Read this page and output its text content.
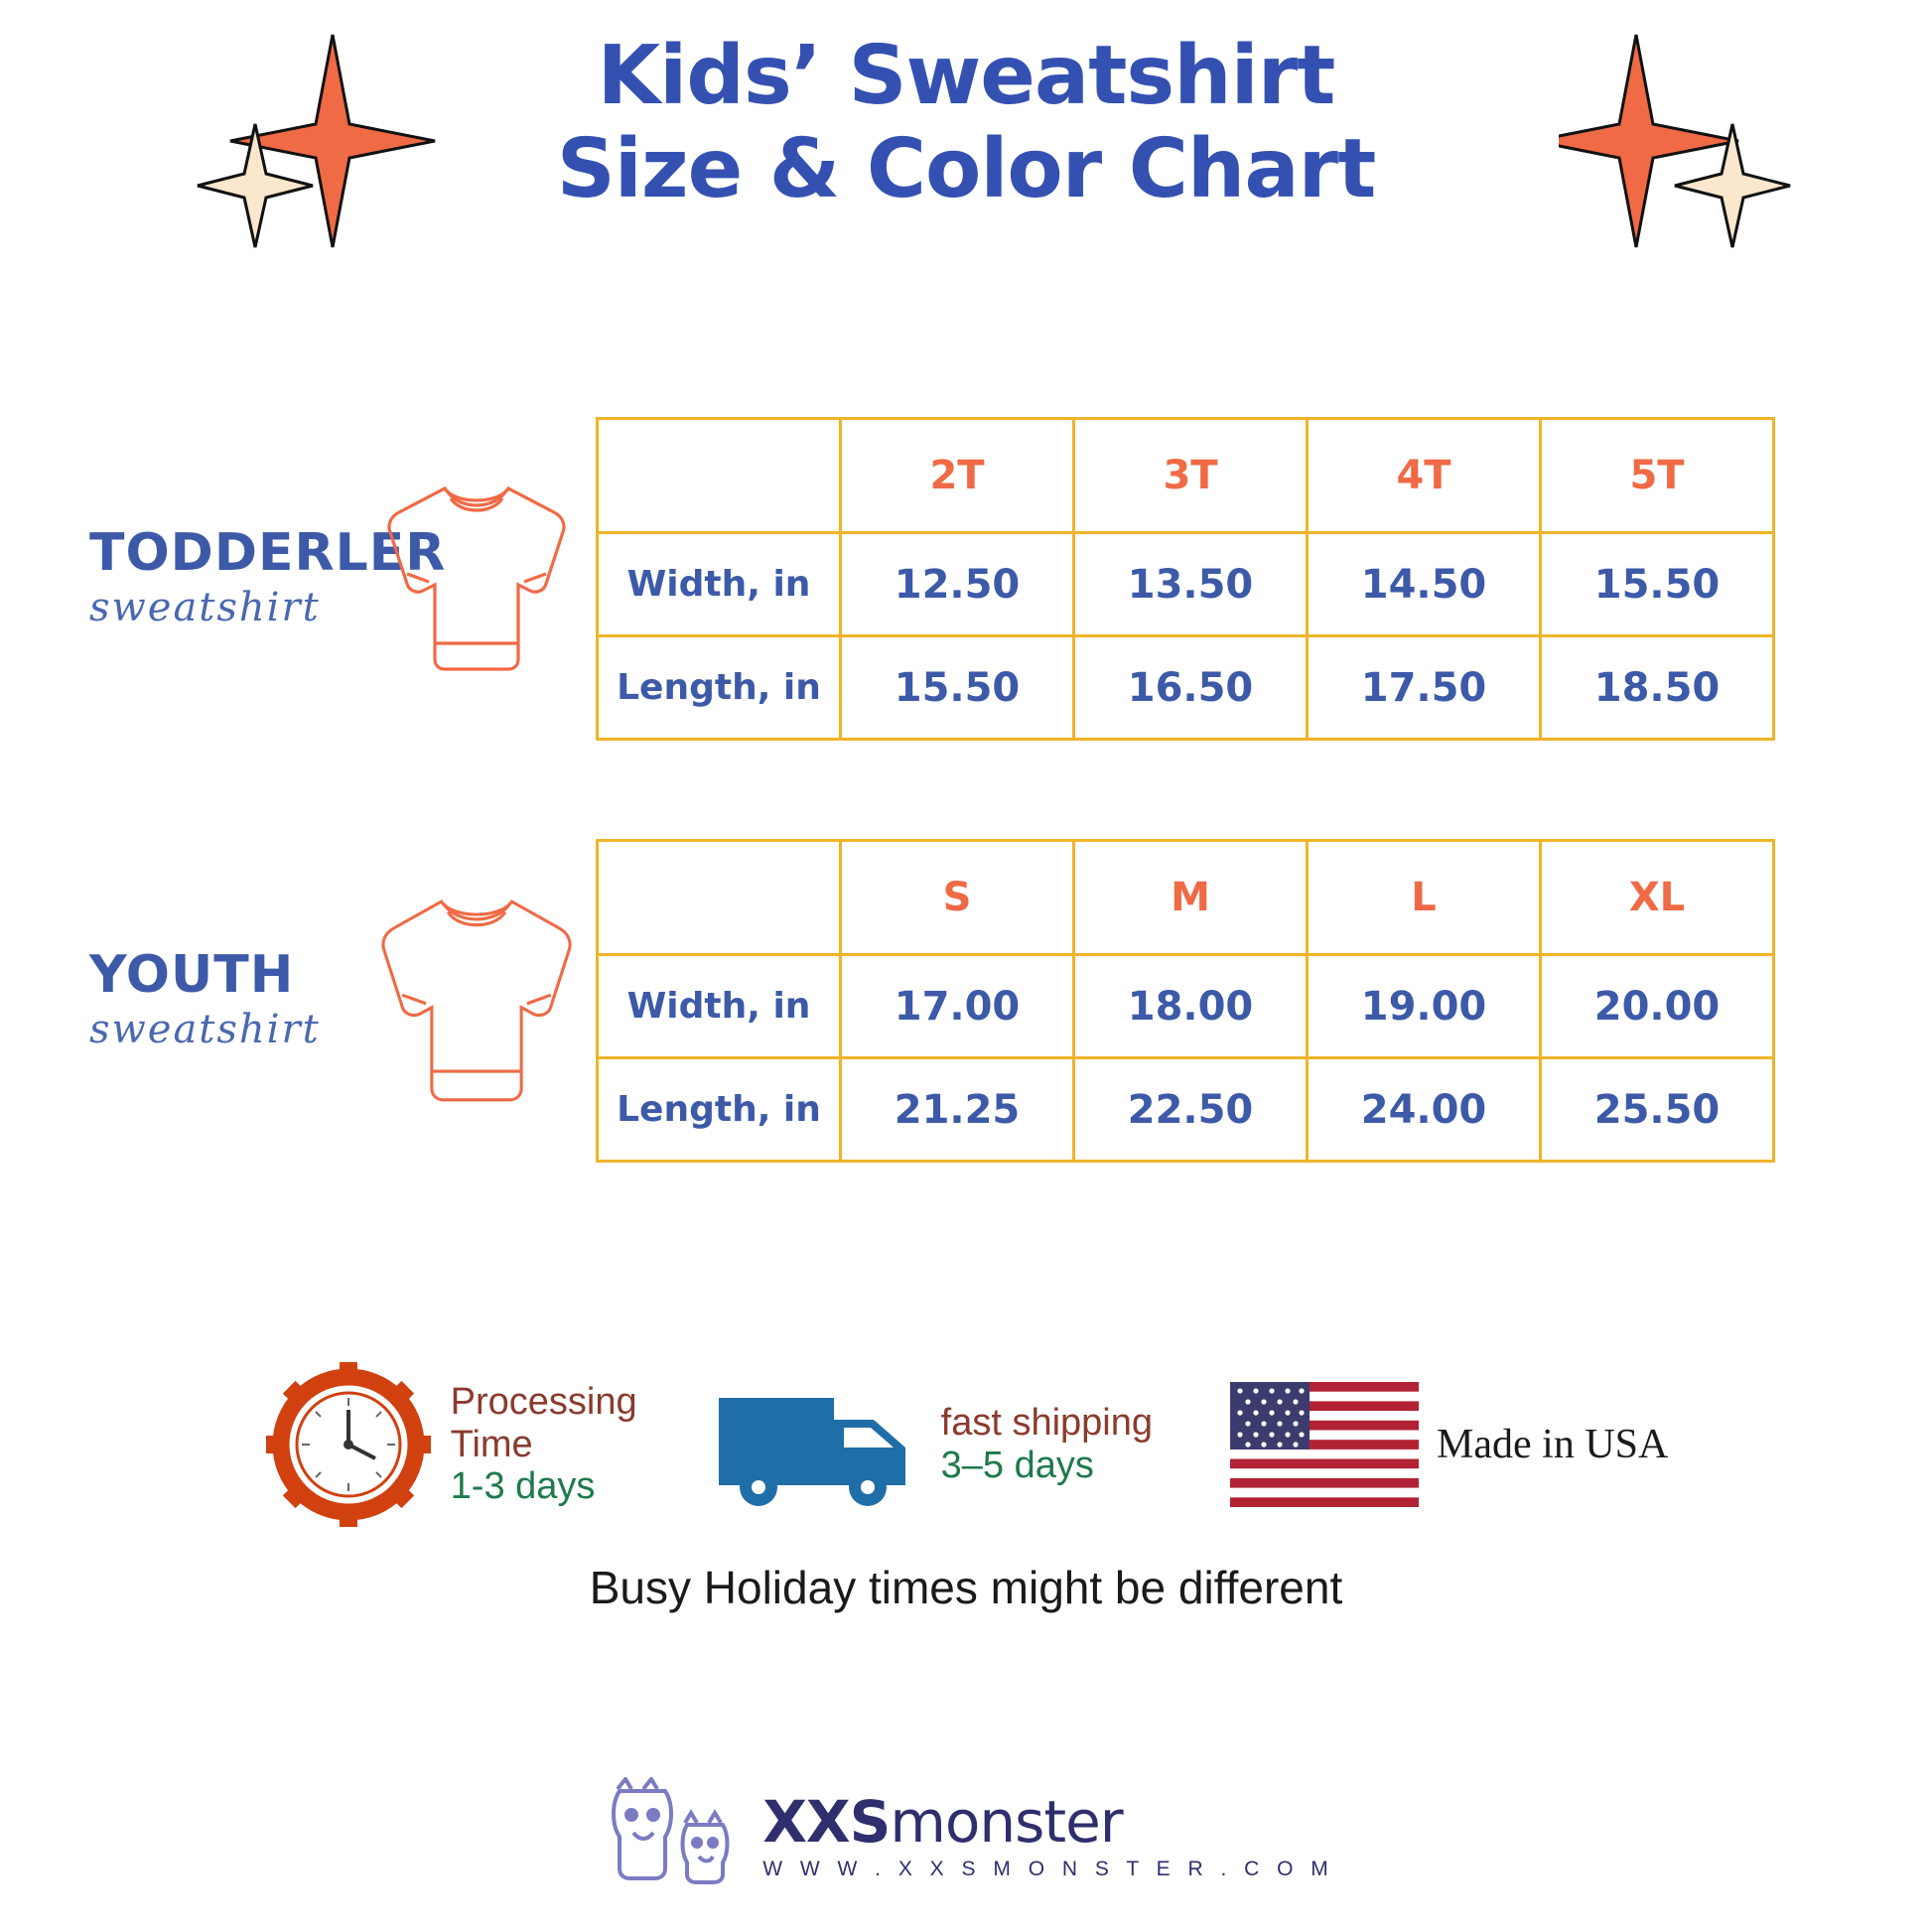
Kids’ Sweatshirt
Size & Color Chart
TODDERLER
sweatshirt
	2T	3T	4T	5T
Width, in	12.50	13.50	14.50	15.50
Length, in	15.50	16.50	17.50	18.50
YOUTH
sweatshirt
	S	M	L	XL
Width, in	17.00	18.00	19.00	20.00
Length, in	21.25	22.50	24.00	25.50
Processing
Time
1-3 days
fast shipping
3–5 days	Made in USA
Busy Holiday times might be different
XXSmonster
W W W . X X S M O N S T E R . C O M
